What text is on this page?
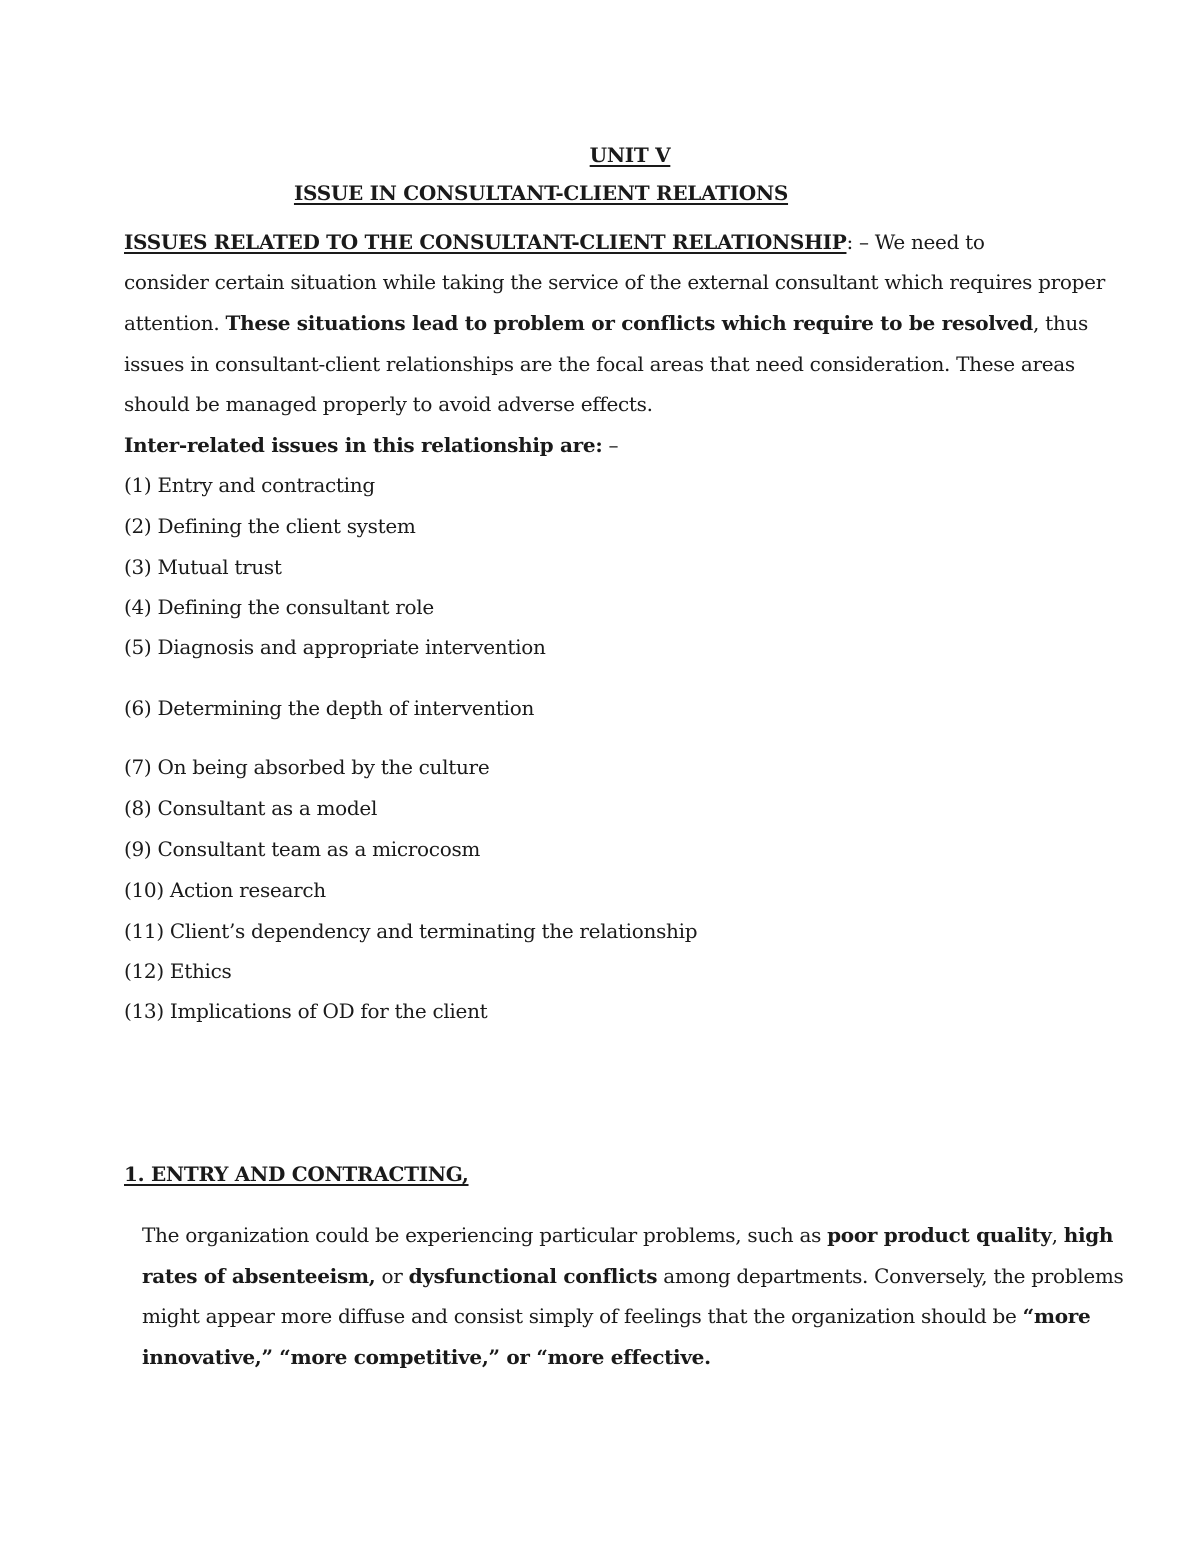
UNIT V
ISSUE IN CONSULTANT-CLIENT RELATIONS
ISSUES RELATED TO THE CONSULTANT-CLIENT RELATIONSHIP: – We need to
consider certain situation while taking the service of the external consultant which requires proper
attention. These situations lead to problem or conflicts which require to be resolved, thus
issues in consultant-client relationships are the focal areas that need consideration. These areas
should be managed properly to avoid adverse effects.
Inter-related issues in this relationship are: –
(1) Entry and contracting
(2) Defining the client system
(3) Mutual trust
(4) Defining the consultant role
(5) Diagnosis and appropriate intervention
(6) Determining the depth of intervention
(7) On being absorbed by the culture
(8) Consultant as a model
(9) Consultant team as a microcosm
(10) Action research
(11) Client’s dependency and terminating the relationship
(12) Ethics
(13) Implications of OD for the client
1. ENTRY AND CONTRACTING,
The organization could be experiencing particular problems, such as poor product quality, high
rates of absenteeism, or dysfunctional conflicts among departments. Conversely, the problems
might appear more diffuse and consist simply of feelings that the organization should be “more
innovative,” “more competitive,” or “more effective.
